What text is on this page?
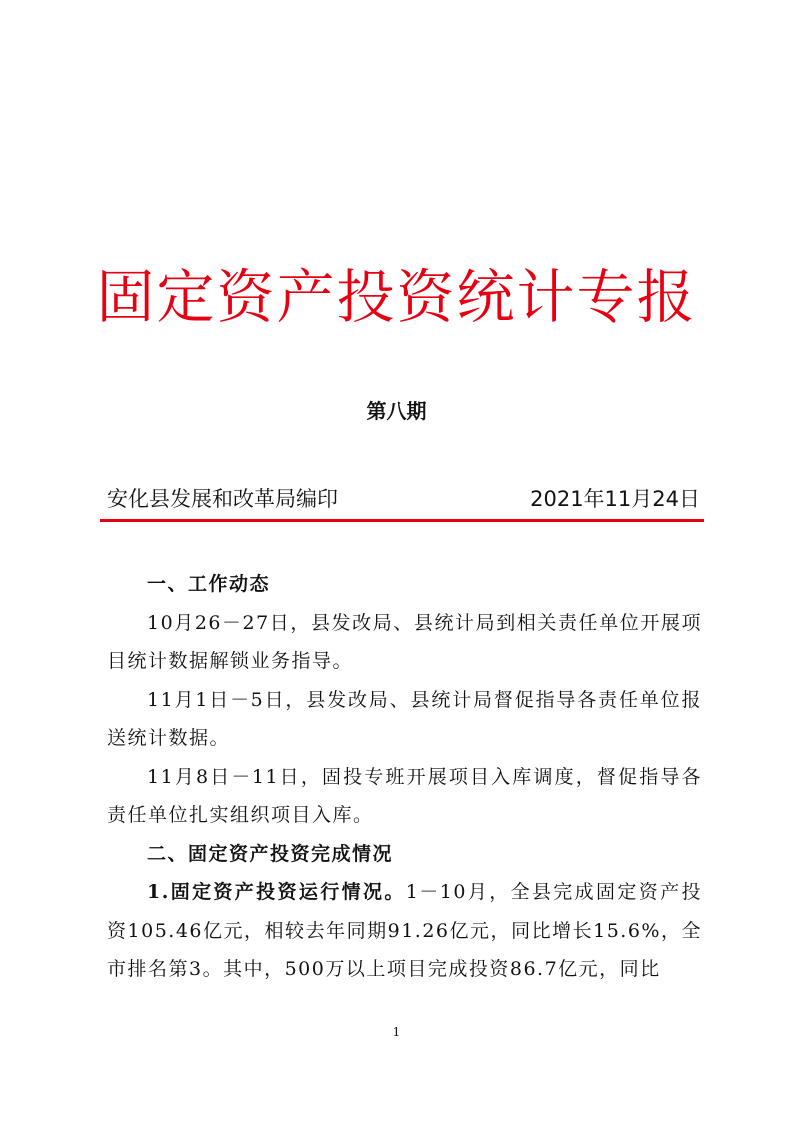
固定资产投资统计专报
第八期
安化县发展和改革局编印	2021年11月24日

一、工作动态

10月26－27日，县发改局、县统计局到相关责任单位开展项目统计数据解锁业务指导。

11月1日－5日，县发改局、县统计局督促指导各责任单位报送统计数据。

11月8日－11日，固投专班开展项目入库调度，督促指导各责任单位扎实组织项目入库。

二、固定资产投资完成情况

1.固定资产投资运行情况。1－10月，全县完成固定资产投资105.46亿元，相较去年同期91.26亿元，同比增长15.6%，全市排名第3。其中，500万以上项目完成投资86.7亿元，同比

1
